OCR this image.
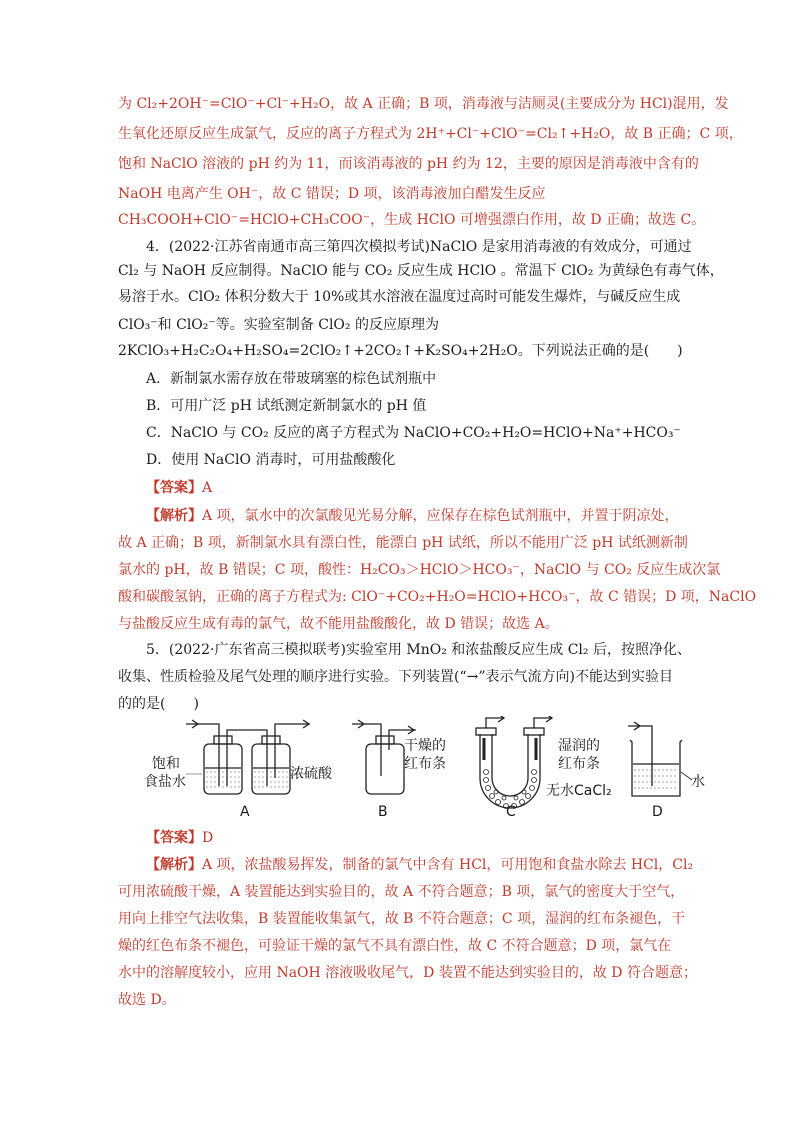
为 Cl₂+2OH⁻=ClO⁻+Cl⁻+H₂O，故 A 正确；B 项，消毒液与洁厕灵(主要成分为 HCl)混用，发
生氧化还原反应生成氯气，反应的离子方程式为 2H⁺+Cl⁻+ClO⁻=Cl₂↑+H₂O，故 B 正确；C 项，
饱和 NaClO 溶液的 pH 约为 11，而该消毒液的 pH 约为 12，主要的原因是消毒液中含有的
NaOH 电离产生 OH⁻，故 C 错误；D 项，该消毒液加白醋发生反应
CH₃COOH+ClO⁻=HClO+CH₃COO⁻，生成 HClO 可增强漂白作用，故 D 正确；故选 C。
4．(2022·江苏省南通市高三第四次模拟考试)NaClO 是家用消毒液的有效成分，可通过
Cl₂ 与 NaOH 反应制得。NaClO 能与 CO₂ 反应生成 HClO 。常温下 ClO₂ 为黄绿色有毒气体，
易溶于水。ClO₂ 体积分数大于 10%或其水溶液在温度过高时可能发生爆炸，与碱反应生成
ClO₃⁻和 ClO₂⁻等。实验室制备 ClO₂ 的反应原理为
2KClO₃+H₂C₂O₄+H₂SO₄=2ClO₂↑+2CO₂↑+K₂SO₄+2H₂O。下列说法正确的是(　　)
A．新制氯水需存放在带玻璃塞的棕色试剂瓶中
B．可用广泛 pH 试纸测定新制氯水的 pH 值
C．NaClO 与 CO₂ 反应的离子方程式为 NaClO+CO₂+H₂O=HClO+Na⁺+HCO₃⁻
D．使用 NaClO 消毒时，可用盐酸酸化
【答案】A
【解析】A 项，氯水中的次氯酸见光易分解，应保存在棕色试剂瓶中，并置于阴凉处，
故 A 正确；B 项，新制氯水具有漂白性，能漂白 pH 试纸，所以不能用广泛 pH 试纸测新制
氯水的 pH，故 B 错误；C 项，酸性：H₂CO₃＞HClO＞HCO₃⁻，NaClO 与 CO₂ 反应生成次氯
酸和碳酸氢钠，正确的离子方程式为: ClO⁻+CO₂+H₂O=HClO+HCO₃⁻，故 C 错误；D 项，NaClO
与盐酸反应生成有毒的氯气，故不能用盐酸酸化，故 D 错误；故选 A。
5．(2022·广东省高三模拟联考)实验室用 MnO₂ 和浓盐酸反应生成 Cl₂ 后，按照净化、
收集、性质检验及尾气处理的顺序进行实验。下列装置(“→”表示气流方向)不能达到实验目
的的是(　　)
饱和
食盐水	浓硫酸
干燥的
红布条
湿润的
红布条
无水CaCl₂
水
A	B	C	D
【答案】D
【解析】A 项，浓盐酸易挥发，制备的氯气中含有 HCl，可用饱和食盐水除去 HCl，Cl₂
可用浓硫酸干燥，A 装置能达到实验目的，故 A 不符合题意；B 项，氯气的密度大于空气，
用向上排空气法收集，B 装置能收集氯气，故 B 不符合题意；C 项，湿润的红布条褪色，干
燥的红色布条不褪色，可验证干燥的氯气不具有漂白性，故 C 不符合题意；D 项，氯气在
水中的溶解度较小，应用 NaOH 溶液吸收尾气，D 装置不能达到实验目的，故 D 符合题意；
故选 D。
